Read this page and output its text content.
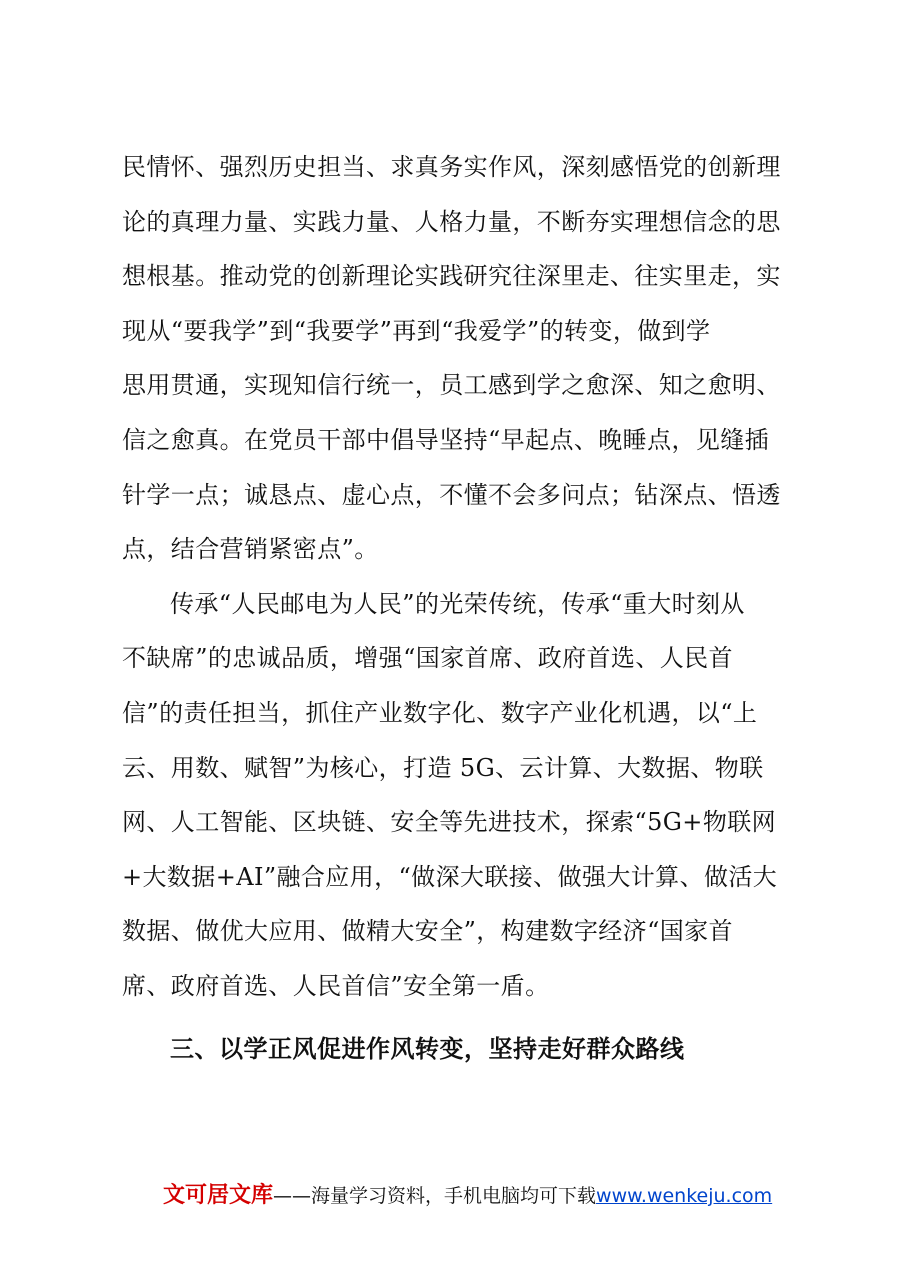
民情怀、强烈历史担当、求真务实作风，深刻感悟党的创新理
论的真理力量、实践力量、人格力量，不断夯实理想信念的思
想根基。推动党的创新理论实践研究往深里走、往实里走，实
现从“要我学”到“我要学”再到“我爱学”的转变，做到学
思用贯通，实现知信行统一，员工感到学之愈深、知之愈明、
信之愈真。在党员干部中倡导坚持“早起点、晚睡点，见缝插
针学一点；诚恳点、虚心点，不懂不会多问点；钻深点、悟透
点，结合营销紧密点”。

传承“人民邮电为人民”的光荣传统，传承“重大时刻从
不缺席”的忠诚品质，增强“国家首席、政府首选、人民首
信”的责任担当，抓住产业数字化、数字产业化机遇，以“上
云、用数、赋智”为核心，打造 5G、云计算、大数据、物联
网、人工智能、区块链、安全等先进技术，探索“5G+物联网
+大数据+AI”融合应用，“做深大联接、做强大计算、做活大
数据、做优大应用、做精大安全”，构建数字经济“国家首
席、政府首选、人民首信”安全第一盾。

三、以学正风促进作风转变，坚持走好群众路线
文可居文库——海量学习资料，手机电脑均可下载www.wenkeju.com
